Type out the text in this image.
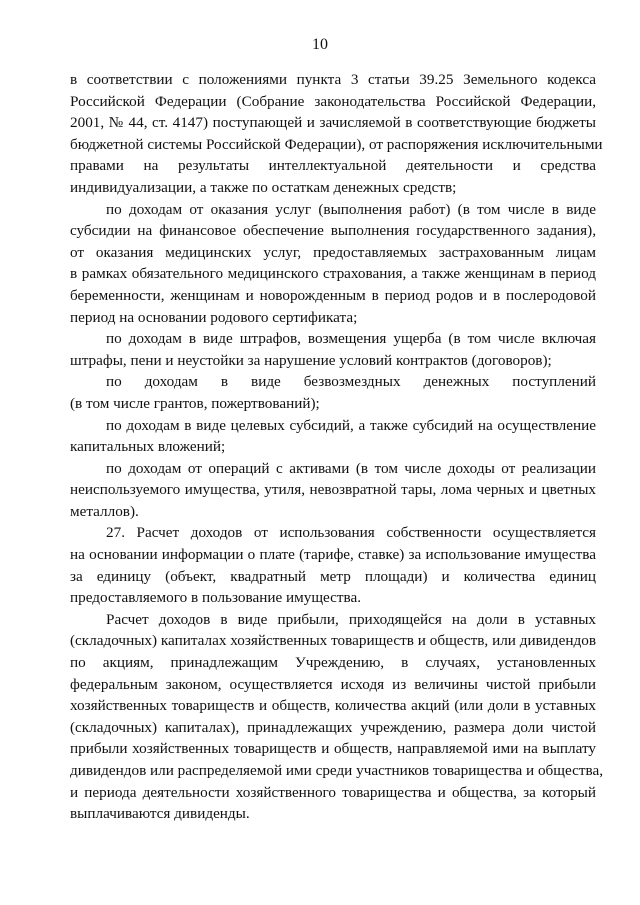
10
в соответствии с положениями пункта 3 статьи 39.25 Земельного кодекса
Российской Федерации (Собрание законодательства Российской Федерации,
2001, № 44, ст. 4147) поступающей и зачисляемой в соответствующие бюджеты
бюджетной системы Российской Федерации), от распоряжения исключительными
правами на результаты интеллектуальной деятельности и средства
индивидуализации, а также по остаткам денежных средств;
по доходам от оказания услуг (выполнения работ) (в том числе в виде
субсидии на финансовое обеспечение выполнения государственного задания),
от оказания медицинских услуг, предоставляемых застрахованным лицам
в рамках обязательного медицинского страхования, а также женщинам в период
беременности, женщинам и новорожденным в период родов и в послеродовой
период на основании родового сертификата;
по доходам в виде штрафов, возмещения ущерба (в том числе включая
штрафы, пени и неустойки за нарушение условий контрактов (договоров);
по доходам в виде безвозмездных денежных поступлений
(в том числе грантов, пожертвований);
по доходам в виде целевых субсидий, а также субсидий на осуществление
капитальных вложений;
по доходам от операций с активами (в том числе доходы от реализации
неиспользуемого имущества, утиля, невозвратной тары, лома черных и цветных
металлов).
27. Расчет доходов от использования собственности осуществляется
на основании информации о плате (тарифе, ставке) за использование имущества
за единицу (объект, квадратный метр площади) и количества единиц
предоставляемого в пользование имущества.
Расчет доходов в виде прибыли, приходящейся на доли в уставных
(складочных) капиталах хозяйственных товариществ и обществ, или дивидендов
по акциям, принадлежащим Учреждению, в случаях, установленных
федеральным законом, осуществляется исходя из величины чистой прибыли
хозяйственных товариществ и обществ, количества акций (или доли в уставных
(складочных) капиталах), принадлежащих учреждению, размера доли чистой
прибыли хозяйственных товариществ и обществ, направляемой ими на выплату
дивидендов или распределяемой ими среди участников товарищества и общества,
и периода деятельности хозяйственного товарищества и общества, за который
выплачиваются дивиденды.
